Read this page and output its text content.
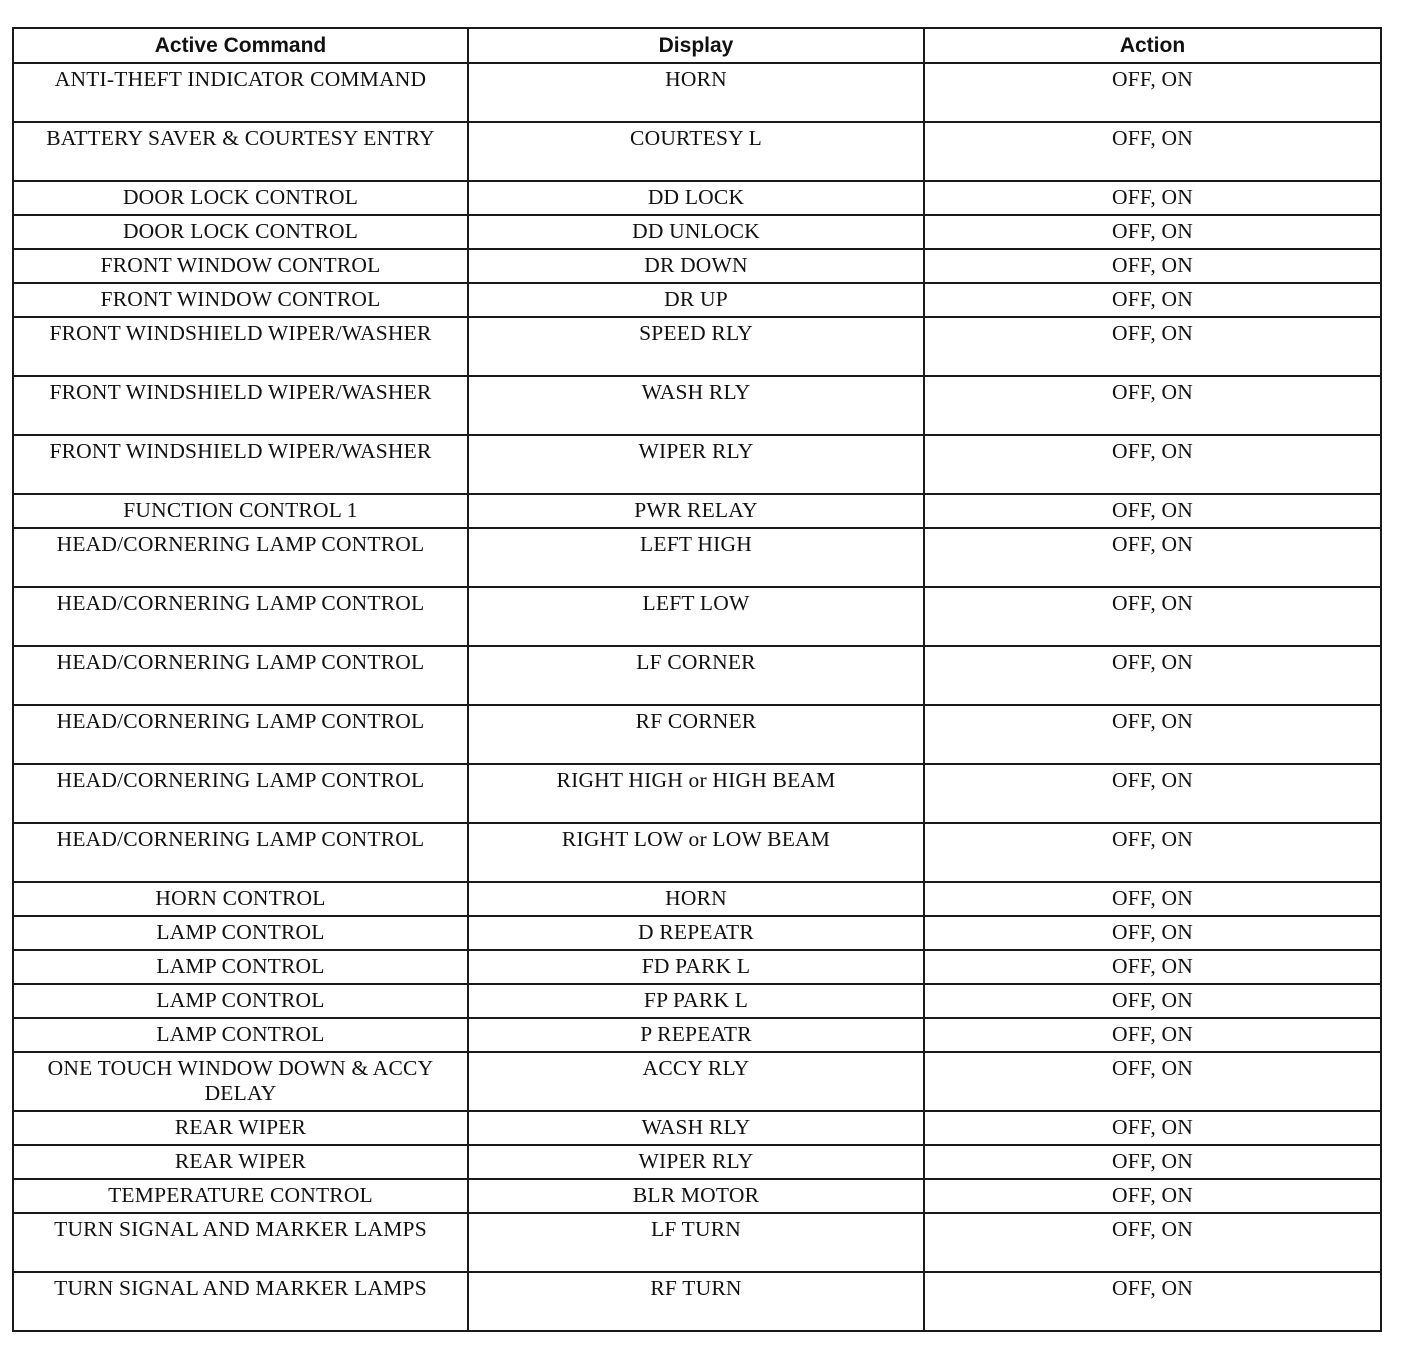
Active Command	Display	Action
ANTI-THEFT INDICATOR COMMAND	HORN	OFF, ON
BATTERY SAVER & COURTESY ENTRY	COURTESY L	OFF, ON
DOOR LOCK CONTROL	DD LOCK	OFF, ON
DOOR LOCK CONTROL	DD UNLOCK	OFF, ON
FRONT WINDOW CONTROL	DR DOWN	OFF, ON
FRONT WINDOW CONTROL	DR UP	OFF, ON
FRONT WINDSHIELD WIPER/WASHER	SPEED RLY	OFF, ON
FRONT WINDSHIELD WIPER/WASHER	WASH RLY	OFF, ON
FRONT WINDSHIELD WIPER/WASHER	WIPER RLY	OFF, ON
FUNCTION CONTROL 1	PWR RELAY	OFF, ON
HEAD/CORNERING LAMP CONTROL	LEFT HIGH	OFF, ON
HEAD/CORNERING LAMP CONTROL	LEFT LOW	OFF, ON
HEAD/CORNERING LAMP CONTROL	LF CORNER	OFF, ON
HEAD/CORNERING LAMP CONTROL	RF CORNER	OFF, ON
HEAD/CORNERING LAMP CONTROL	RIGHT HIGH or HIGH BEAM	OFF, ON
HEAD/CORNERING LAMP CONTROL	RIGHT LOW or LOW BEAM	OFF, ON
HORN CONTROL	HORN	OFF, ON
LAMP CONTROL	D REPEATR	OFF, ON
LAMP CONTROL	FD PARK L	OFF, ON
LAMP CONTROL	FP PARK L	OFF, ON
LAMP CONTROL	P REPEATR	OFF, ON
ONE TOUCH WINDOW DOWN & ACCY DELAY	ACCY RLY	OFF, ON
REAR WIPER	WASH RLY	OFF, ON
REAR WIPER	WIPER RLY	OFF, ON
TEMPERATURE CONTROL	BLR MOTOR	OFF, ON
TURN SIGNAL AND MARKER LAMPS	LF TURN	OFF, ON
TURN SIGNAL AND MARKER LAMPS	RF TURN	OFF, ON
